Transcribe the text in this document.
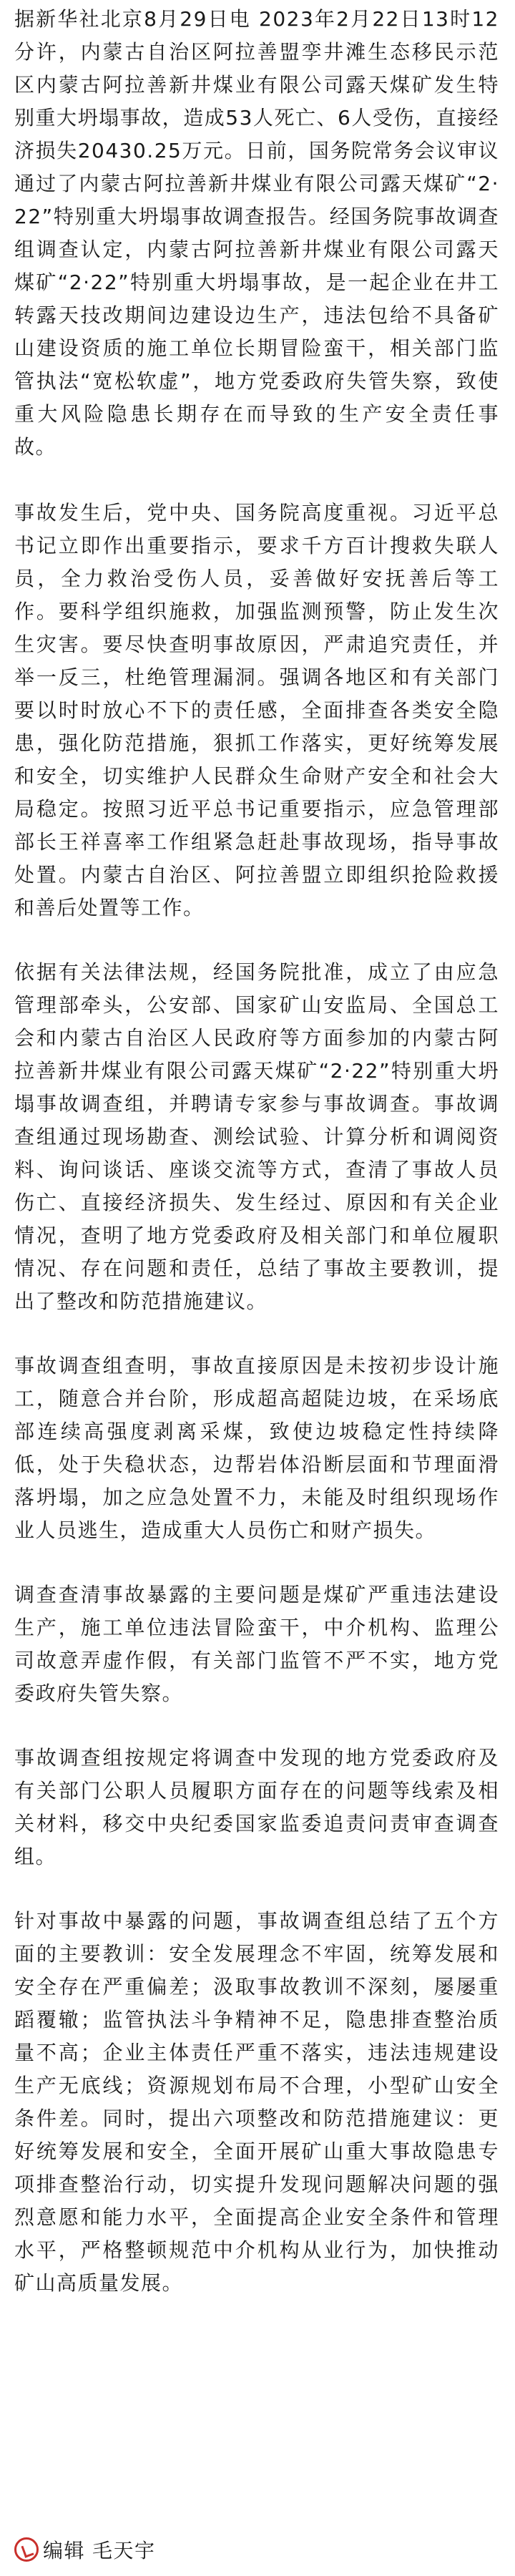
据新华社北京8月29日电 2023年2月22日13时12分许，内蒙古自治区阿拉善盟孪井滩生态移民示范区内蒙古阿拉善新井煤业有限公司露天煤矿发生特别重大坍塌事故，造成53人死亡、6人受伤，直接经济损失20430.25万元。日前，国务院常务会议审议通过了内蒙古阿拉善新井煤业有限公司露天煤矿“2·22”特别重大坍塌事故调查报告。经国务院事故调查组调查认定，内蒙古阿拉善新井煤业有限公司露天煤矿“2·22”特别重大坍塌事故，是一起企业在井工转露天技改期间边建设边生产，违法包给不具备矿山建设资质的施工单位长期冒险蛮干，相关部门监管执法“宽松软虚”，地方党委政府失管失察，致使重大风险隐患长期存在而导致的生产安全责任事故。

事故发生后，党中央、国务院高度重视。习近平总书记立即作出重要指示，要求千方百计搜救失联人员，全力救治受伤人员，妥善做好安抚善后等工作。要科学组织施救，加强监测预警，防止发生次生灾害。要尽快查明事故原因，严肃追究责任，并举一反三，杜绝管理漏洞。强调各地区和有关部门要以时时放心不下的责任感，全面排查各类安全隐患，强化防范措施，狠抓工作落实，更好统筹发展和安全，切实维护人民群众生命财产安全和社会大局稳定。按照习近平总书记重要指示，应急管理部部长王祥喜率工作组紧急赶赴事故现场，指导事故处置。内蒙古自治区、阿拉善盟立即组织抢险救援和善后处置等工作。

依据有关法律法规，经国务院批准，成立了由应急管理部牵头，公安部、国家矿山安监局、全国总工会和内蒙古自治区人民政府等方面参加的内蒙古阿拉善新井煤业有限公司露天煤矿“2·22”特别重大坍塌事故调查组，并聘请专家参与事故调查。事故调查组通过现场勘查、测绘试验、计算分析和调阅资料、询问谈话、座谈交流等方式，查清了事故人员伤亡、直接经济损失、发生经过、原因和有关企业情况，查明了地方党委政府及相关部门和单位履职情况、存在问题和责任，总结了事故主要教训，提出了整改和防范措施建议。

事故调查组查明，事故直接原因是未按初步设计施工，随意合并台阶，形成超高超陡边坡，在采场底部连续高强度剥离采煤，致使边坡稳定性持续降低，处于失稳状态，边帮岩体沿断层面和节理面滑落坍塌，加之应急处置不力，未能及时组织现场作业人员逃生，造成重大人员伤亡和财产损失。

调查查清事故暴露的主要问题是煤矿严重违法建设生产，施工单位违法冒险蛮干，中介机构、监理公司故意弄虚作假，有关部门监管不严不实，地方党委政府失管失察。

事故调查组按规定将调查中发现的地方党委政府及有关部门公职人员履职方面存在的问题等线索及相关材料，移交中央纪委国家监委追责问责审查调查组。

针对事故中暴露的问题，事故调查组总结了五个方面的主要教训：安全发展理念不牢固，统筹发展和安全存在严重偏差；汲取事故教训不深刻，屡屡重蹈覆辙；监管执法斗争精神不足，隐患排查整治质量不高；企业主体责任严重不落实，违法违规建设生产无底线；资源规划布局不合理，小型矿山安全条件差。同时，提出六项整改和防范措施建议：更好统筹发展和安全，全面开展矿山重大事故隐患专项排查整治行动，切实提升发现问题解决问题的强烈意愿和能力水平，全面提高企业安全条件和管理水平，严格整顿规范中介机构从业行为，加快推动矿山高质量发展。

编辑 毛天宇
